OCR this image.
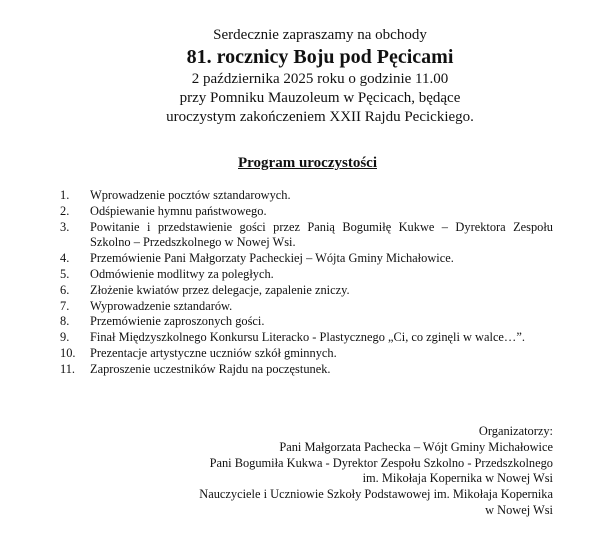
Serdecznie zapraszamy na obchody
81. rocznicy Boju pod Pęcicami
2 października 2025 roku o godzinie 11.00
przy Pomniku Mauzoleum w Pęcicach, będące
uroczystym zakończeniem XXII Rajdu Pecickiego.
Program uroczystości
1. Wprowadzenie pocztów sztandarowych.
2. Odśpiewanie hymnu państwowego.
3. Powitanie i przedstawienie gości przez Panią Bogumiłę Kukwe – Dyrektora Zespołu Szkolno – Przedszkolnego w Nowej Wsi.
4. Przemówienie Pani Małgorzaty Pacheckiej – Wójta Gminy Michałowice.
5. Odmówienie modlitwy za poległych.
6. Złożenie kwiatów przez delegacje, zapalenie zniczy.
7. Wyprowadzenie sztandarów.
8. Przemówienie zaproszonych gości.
9. Finał Międzyszkolnego Konkursu Literacko - Plastycznego „Ci, co zginęli w walce…”.
10. Prezentacje artystyczne uczniów szkół gminnych.
11. Zaproszenie uczestników Rajdu na poczęstunek.
Organizatorzy:
Pani Małgorzata Pachecka – Wójt Gminy Michałowice
Pani Bogumiła Kukwa - Dyrektor Zespołu Szkolno - Przedszkolnego
im. Mikołaja Kopernika w Nowej Wsi
Nauczyciele i Uczniowie Szkoły Podstawowej im. Mikołaja Kopernika
w Nowej Wsi
